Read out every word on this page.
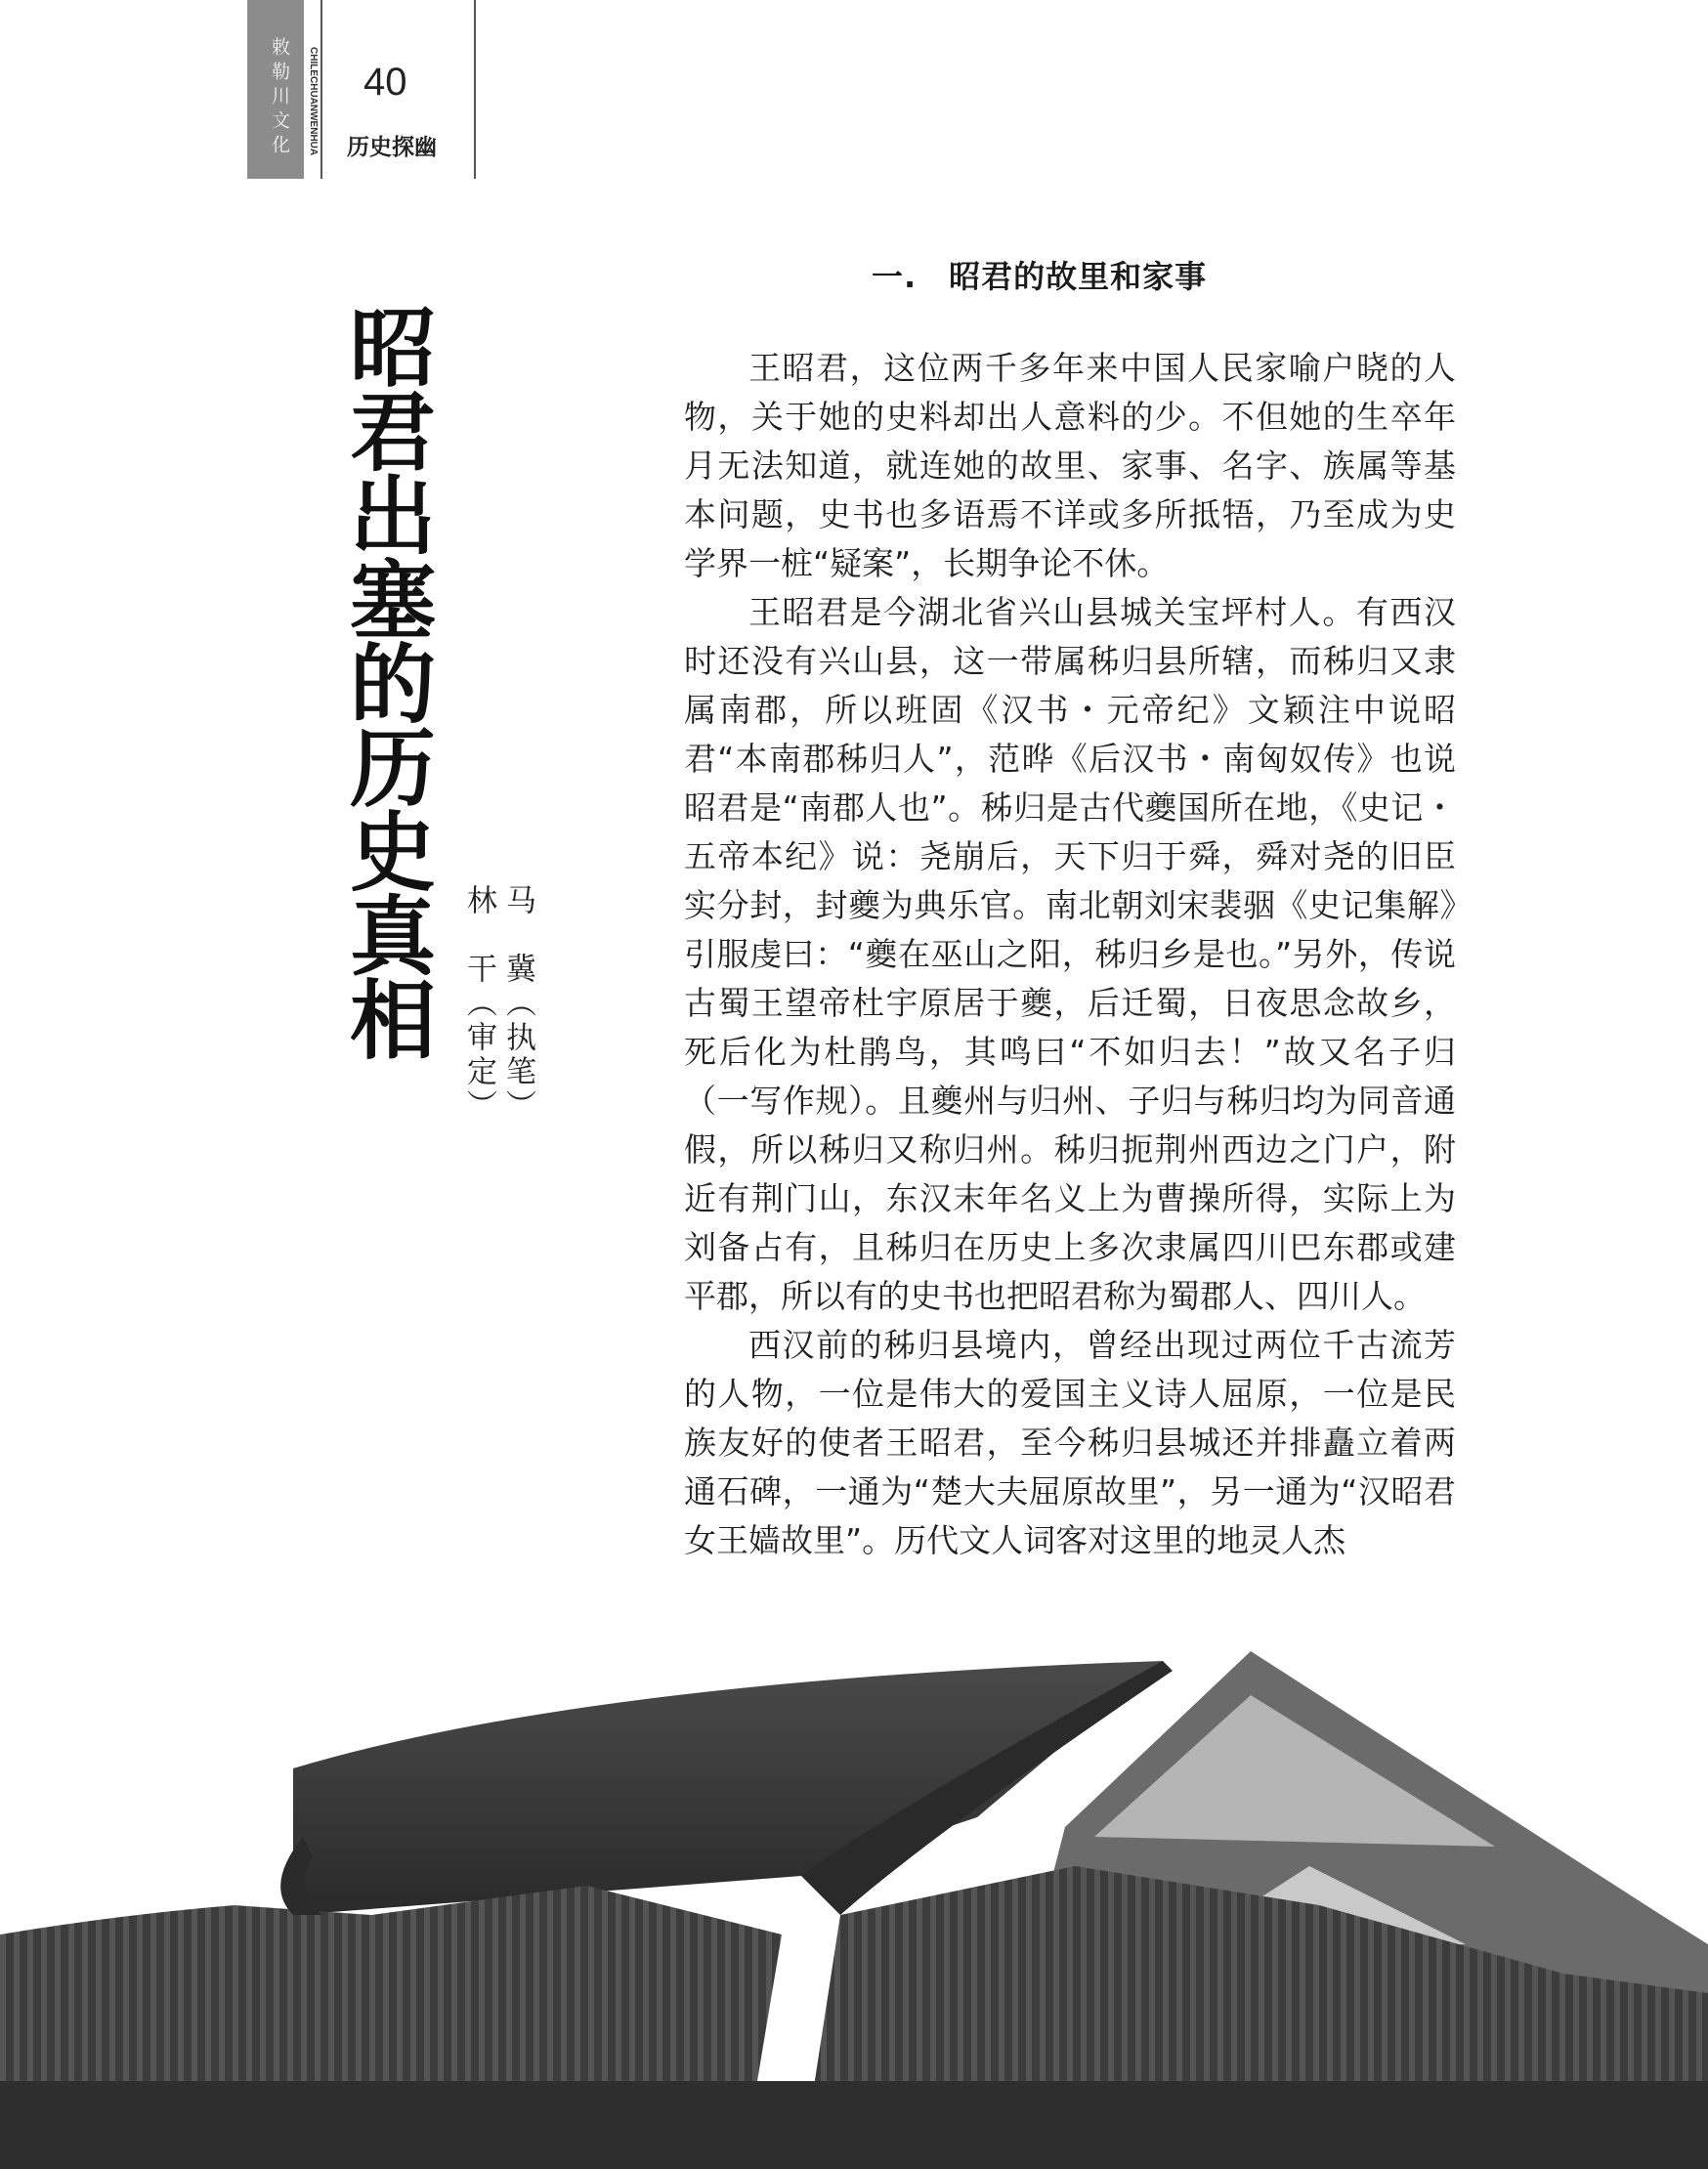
敕勒川文化	CHILECHUANWENHUA 40
历史探幽
昭君出塞的历史真相 马　冀（执笔）
林　干（审定）
一.　昭君的故里和家事

王昭君，这位两千多年来中国人民家喻户晓的人物，关于她的史料却出人意料的少。不但她的生卒年月无法知道，就连她的故里、家事、名字、族属等基本问题，史书也多语焉不详或多所抵牾，乃至成为史学界一桩“疑案”，长期争论不休。

王昭君是今湖北省兴山县城关宝坪村人。有西汉时还没有兴山县，这一带属秭归县所辖，而秭归又隶属南郡，所以班固《汉书・元帝纪》文颖注中说昭君“本南郡秭归人”，范晔《后汉书・南匈奴传》也说昭君是“南郡人也”。秭归是古代夔国所在地，《史记・五帝本纪》说：尧崩后，天下归于舜，舜对尧的旧臣实分封，封夔为典乐官。南北朝刘宋裴骃《史记集解》引服虔曰：“夔在巫山之阳，秭归乡是也。”另外，传说古蜀王望帝杜宇原居于夔，后迁蜀，日夜思念故乡，死后化为杜鹃鸟，其鸣曰“不如归去！”故又名子归（一写作规）。且夔州与归州、子归与秭归均为同音通假，所以秭归又称归州。秭归扼荆州西边之门户，附近有荆门山，东汉末年名义上为曹操所得，实际上为刘备占有，且秭归在历史上多次隶属四川巴东郡或建平郡，所以有的史书也把昭君称为蜀郡人、四川人。

西汉前的秭归县境内，曾经出现过两位千古流芳的人物，一位是伟大的爱国主义诗人屈原，一位是民族友好的使者王昭君，至今秭归县城还并排矗立着两通石碑，一通为“楚大夫屈原故里”，另一通为“汉昭君女王嫱故里”。历代文人词客对这里的地灵人杰
